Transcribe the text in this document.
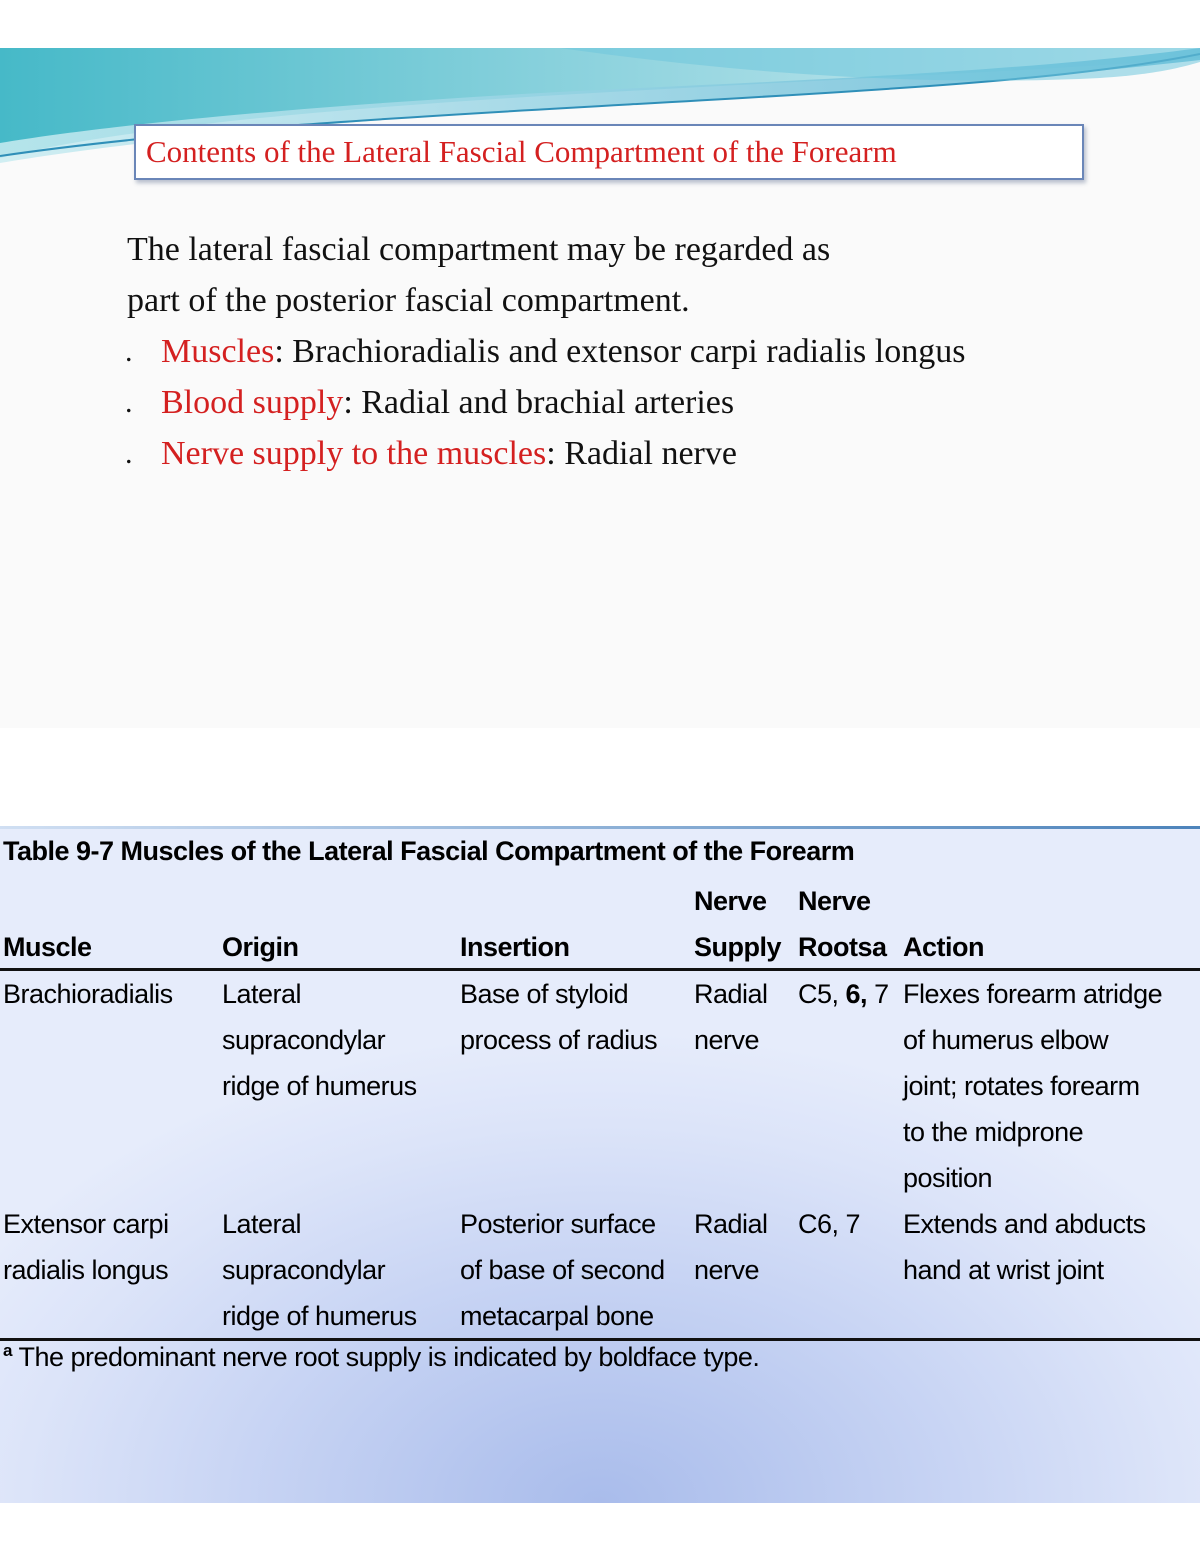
Contents of the Lateral Fascial Compartment of the Forearm
The lateral fascial compartment may be regarded as
part of the posterior fascial compartment.
. Muscles: Brachioradialis and extensor carpi radialis longus
. Blood supply: Radial and brachial arteries
. Nerve supply to the muscles: Radial nerve
Table 9-7 Muscles of the Lateral Fascial Compartment of the Forearm
Muscle	Origin	Insertion
Nerve
Supply
Nerve
Rootsa Action
Brachioradialis Lateral
supracondylar
ridge of humerus
Base of styloid
process of radius
Radial
nerve
C5, 6, 7 Flexes forearm atridge
of humerus elbow
joint; rotates forearm
to the midprone
position
Extensor carpi
radialis longus
Lateral
supracondylar
ridge of humerus
Posterior surface
of base of second
metacarpal bone
Radial
nerve
C6, 7 Extends and abducts
hand at wrist joint
$^a$ The predominant nerve root supply is indicated by boldface type.
